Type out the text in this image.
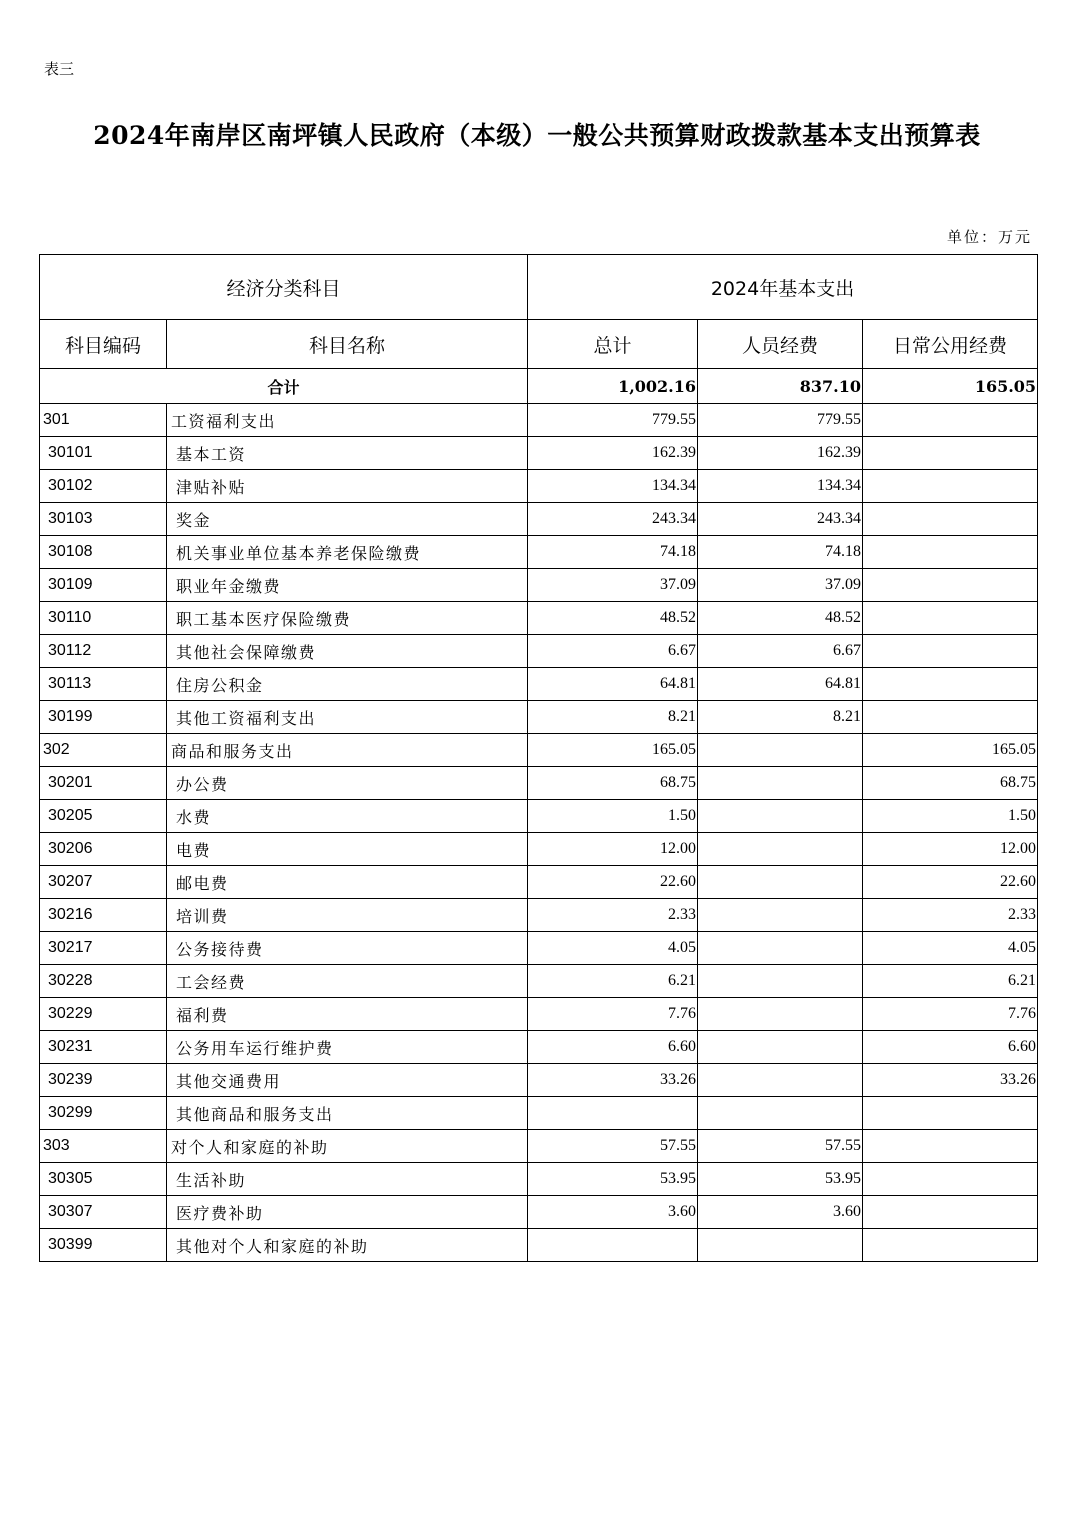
表三
2024年南岸区南坪镇人民政府（本级）一般公共预算财政拨款基本支出预算表
单位：万元
经济分类科目		2024年基本支出		
科目编码	科目名称	总计	人员经费	日常公用经费
合计		1,002.16	837.10	165.05
301	工资福利支出	779.55	779.55	
30101	基本工资	162.39	162.39	
30102	津贴补贴	134.34	134.34	
30103	奖金	243.34	243.34	
30108	机关事业单位基本养老保险缴费	74.18	74.18	
30109	职业年金缴费	37.09	37.09	
30110	职工基本医疗保险缴费	48.52	48.52	
30112	其他社会保障缴费	6.67	6.67	
30113	住房公积金	64.81	64.81	
30199	其他工资福利支出	8.21	8.21	
302	商品和服务支出	165.05		165.05
30201	办公费	68.75		68.75
30205	水费	1.50		1.50
30206	电费	12.00		12.00
30207	邮电费	22.60		22.60
30216	培训费	2.33		2.33
30217	公务接待费	4.05		4.05
30228	工会经费	6.21		6.21
30229	福利费	7.76		7.76
30231	公务用车运行维护费	6.60		6.60
30239	其他交通费用	33.26		33.26
30299	其他商品和服务支出			
303	对个人和家庭的补助	57.55	57.55	
30305	生活补助	53.95	53.95	
30307	医疗费补助	3.60	3.60	
30399	其他对个人和家庭的补助			
